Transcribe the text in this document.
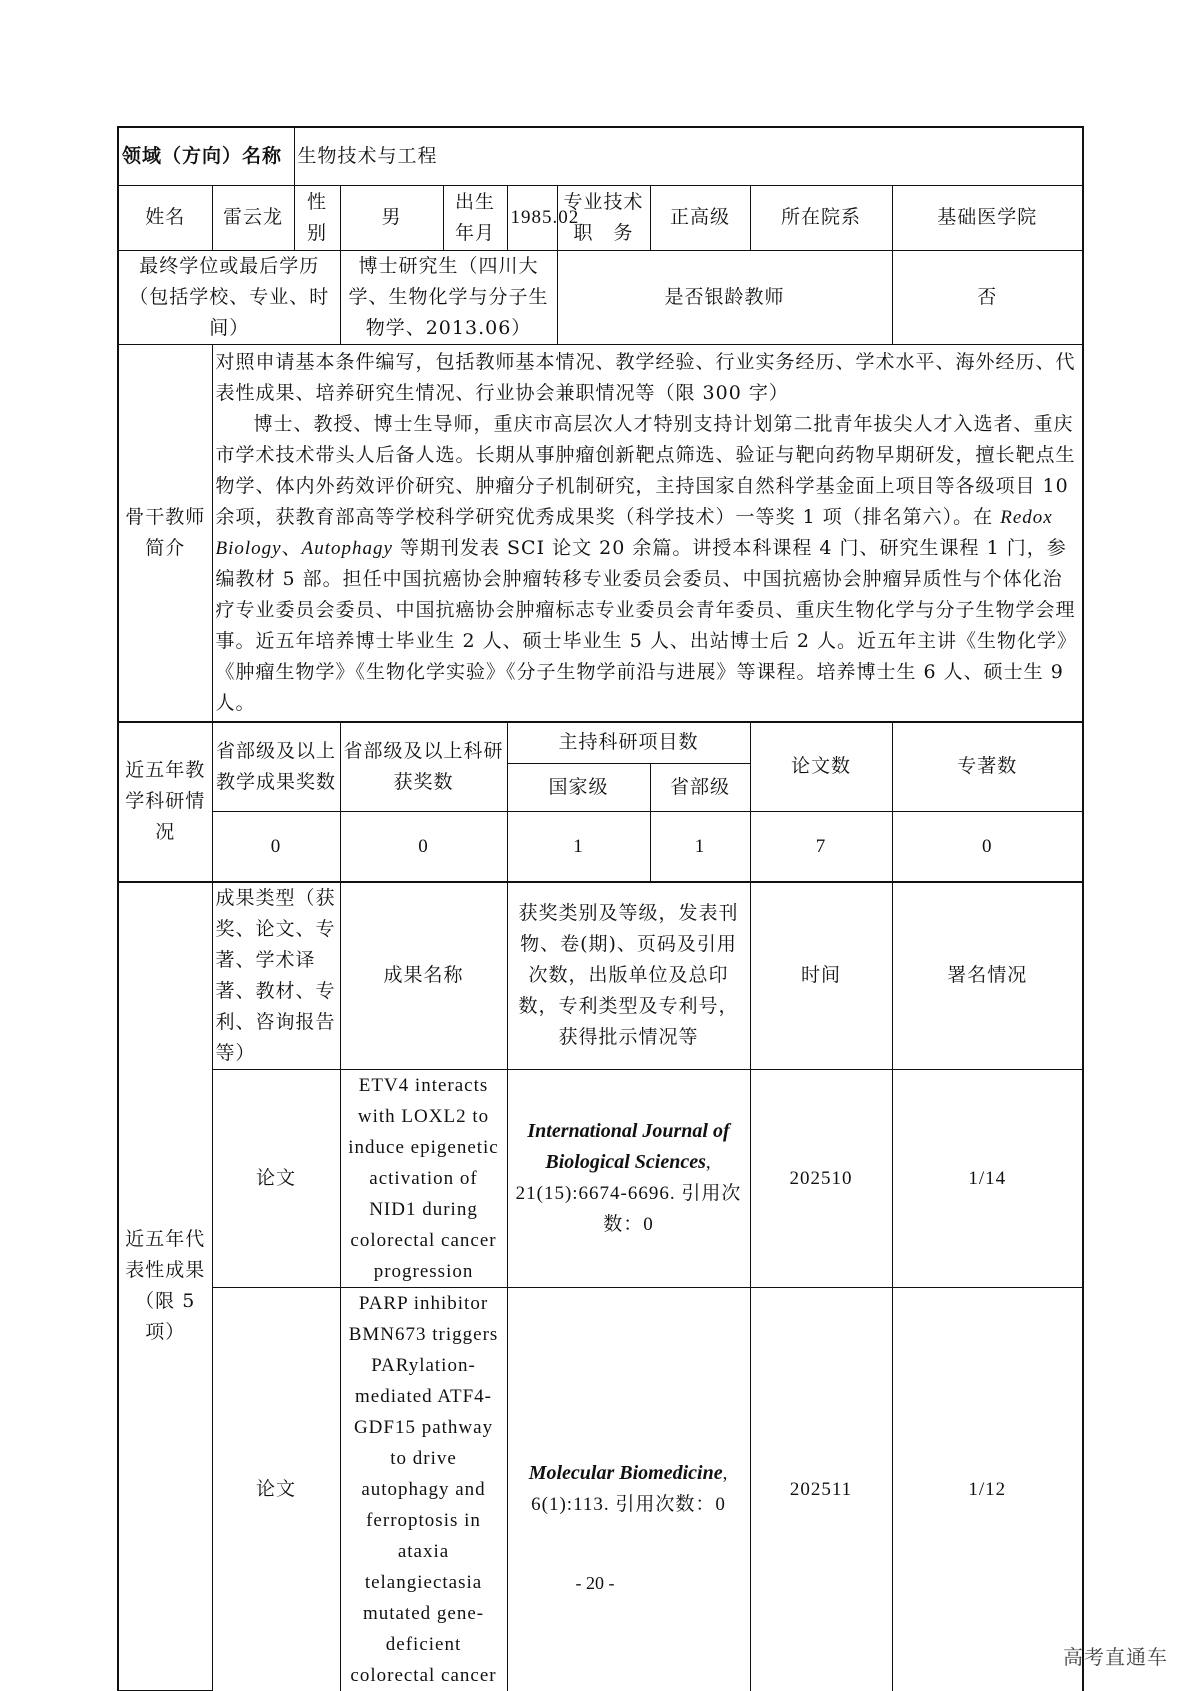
领域（方向）名称		生物技术与工程							
姓名	雷云龙	性别	男	出生年月	1985.02	专业技术职　务	正高级	所在院系	基础医学院
最终学位或最后学历（包括学校、专业、时间）			博士研究生（四川大学、生物化学与分子生物学、2013.06）			是否银龄教师			否
骨干教师简介	对照申请基本条件编写，包括教师基本情况、教学经验、行业实务经历、学术水平、海外经历、代表性成果、培养研究生情况、行业协会兼职情况等（限 300 字）

博士、教授、博士生导师，重庆市高层次人才特别支持计划第二批青年拔尖人才入选者、重庆市学术技术带头人后备人选。长期从事肿瘤创新靶点筛选、验证与靶向药物早期研发，擅长靶点生物学、体内外药效评价研究、肿瘤分子机制研究，主持国家自然科学基金面上项目等各级项目 10 余项，获教育部高等学校科学研究优秀成果奖（科学技术）一等奖 1 项（排名第六）。在 Redox Biology、Autophagy 等期刊发表 SCI 论文 20 余篇。讲授本科课程 4 门、研究生课程 1 门，参编教材 5 部。担任中国抗癌协会肿瘤转移专业委员会委员、中国抗癌协会肿瘤异质性与个体化治疗专业委员会委员、中国抗癌协会肿瘤标志专业委员会青年委员、重庆生物化学与分子生物学会理事。近五年培养博士毕业生 2 人、硕士毕业生 5 人、出站博士后 2 人。近五年主讲《生物化学》《肿瘤生物学》《生物化学实验》《分子生物学前沿与进展》等课程。培养博士生 6 人、硕士生 9 人。								

近五年教学科研情况	省部级及以上教学成果奖数		省部级及以上科研获奖数		主持科研项目数			论文数	专著数
					国家级		省部级		
	0		0		1		1	7	0
近五年代表性成果（限 5 项）	成果类型（获奖、论文、专著、学术译著、教材、专利、咨询报告等）		成果名称		获奖类别及等级，发表刊物、卷(期)、页码及引用次数，出版单位及总印数，专利类型及专利号，获得批示情况等			时间	署名情况
	论文		ETV4 interacts with LOXL2 to induce epigenetic activation of NID1 during colorectal cancer progression		International Journal of Biological Sciences, 21(15):6674-6696. 引用次数：0			202510	1/14
	论文		PARP inhibitor BMN673 triggers PARylation-mediated ATF4-GDF15 pathway to drive autophagy and ferroptosis in ataxia telangiectasia mutated gene-deficient colorectal cancer		Molecular Biomedicine, 6(1):113. 引用次数：0			202511	1/12
- 20 -
高考直通车
